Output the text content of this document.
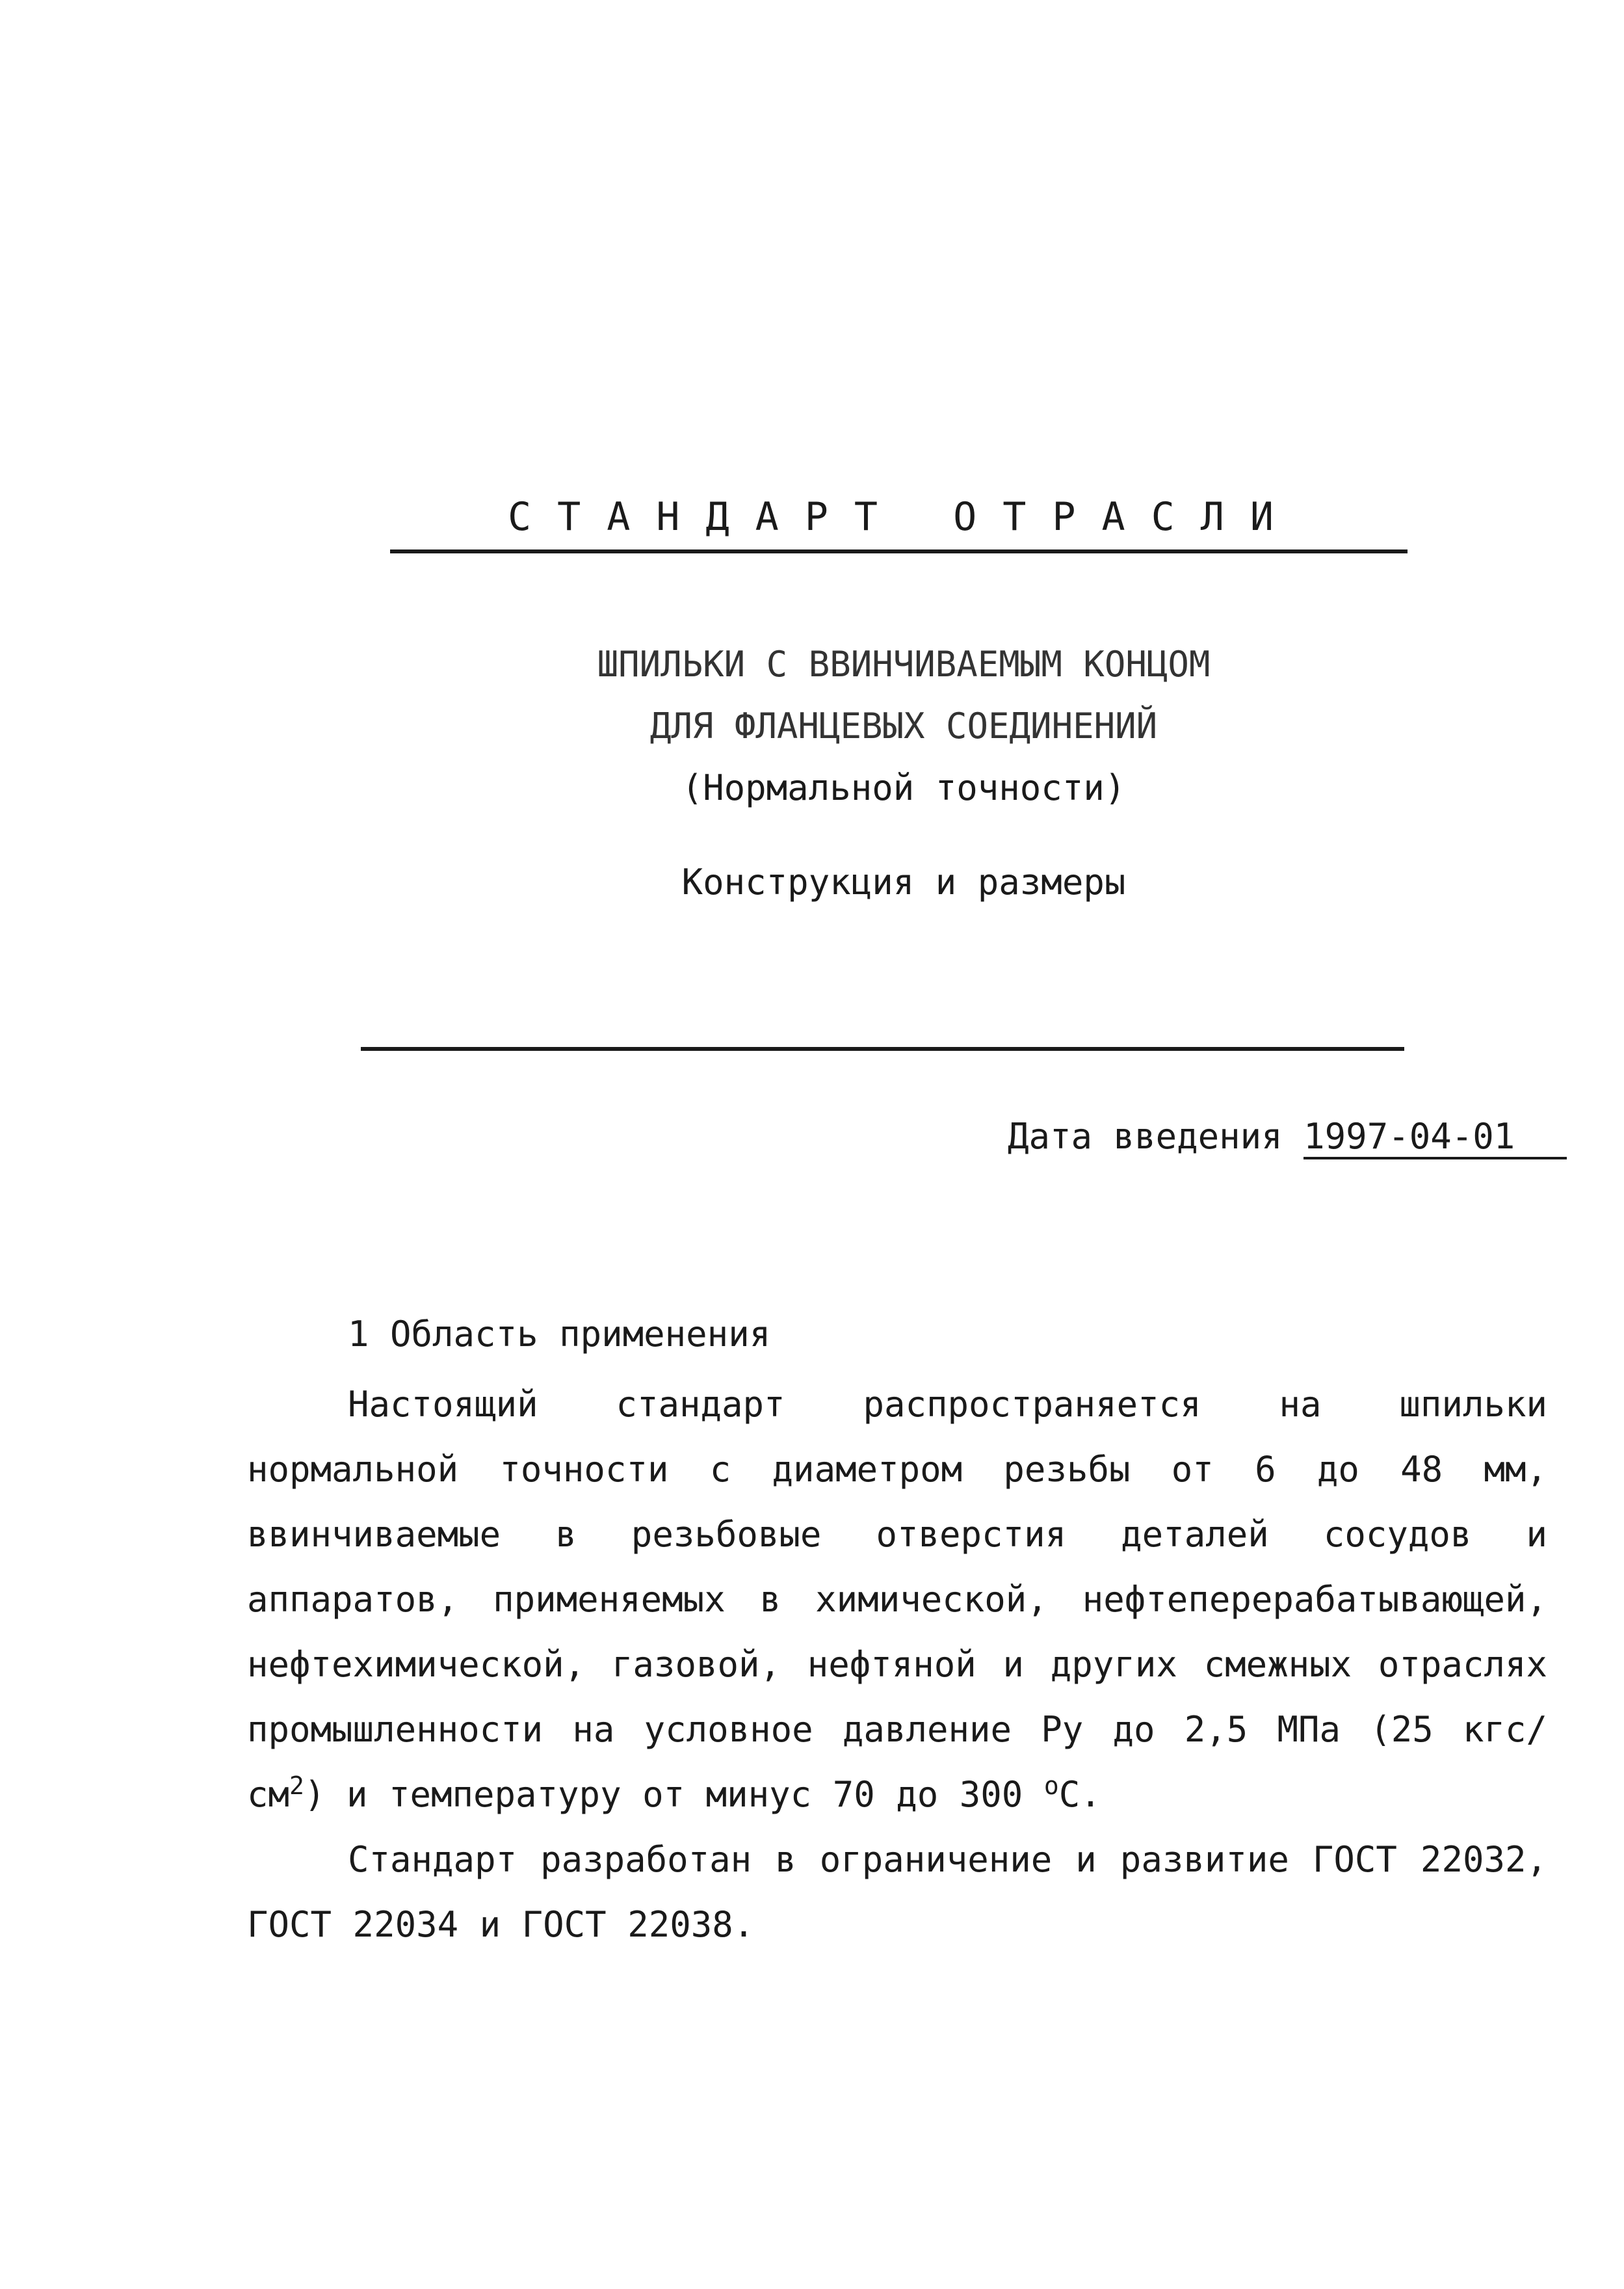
СТАНДАРТ ОТРАСЛИ
ШПИЛЬКИ С ВВИНЧИВАЕМЫМ КОНЦОМ
ДЛЯ ФЛАНЦЕВЫХ СОЕДИНЕНИЙ
(Нормальной точности)
Конструкция и размеры
Дата введения 1997-04-01
1 Область применения

Настоящий стандарт распространяется на шпильки нормальной точности с диаметром резьбы от 6 до 48 мм, ввинчиваемые в резьбовые отверстия деталей сосудов и аппаратов, применяемых в химической, нефтеперерабатывающей, нефтехимической, газовой, нефтяной и других смежных отраслях промышленности на условное давление Ру до 2,5 МПа (25 кгс/$см^2$) и температуру от минус 70 до 300 $^о$С.

Стандарт разработан в ограничение и развитие ГОСТ 22032, ГОСТ 22034 и ГОСТ 22038.
